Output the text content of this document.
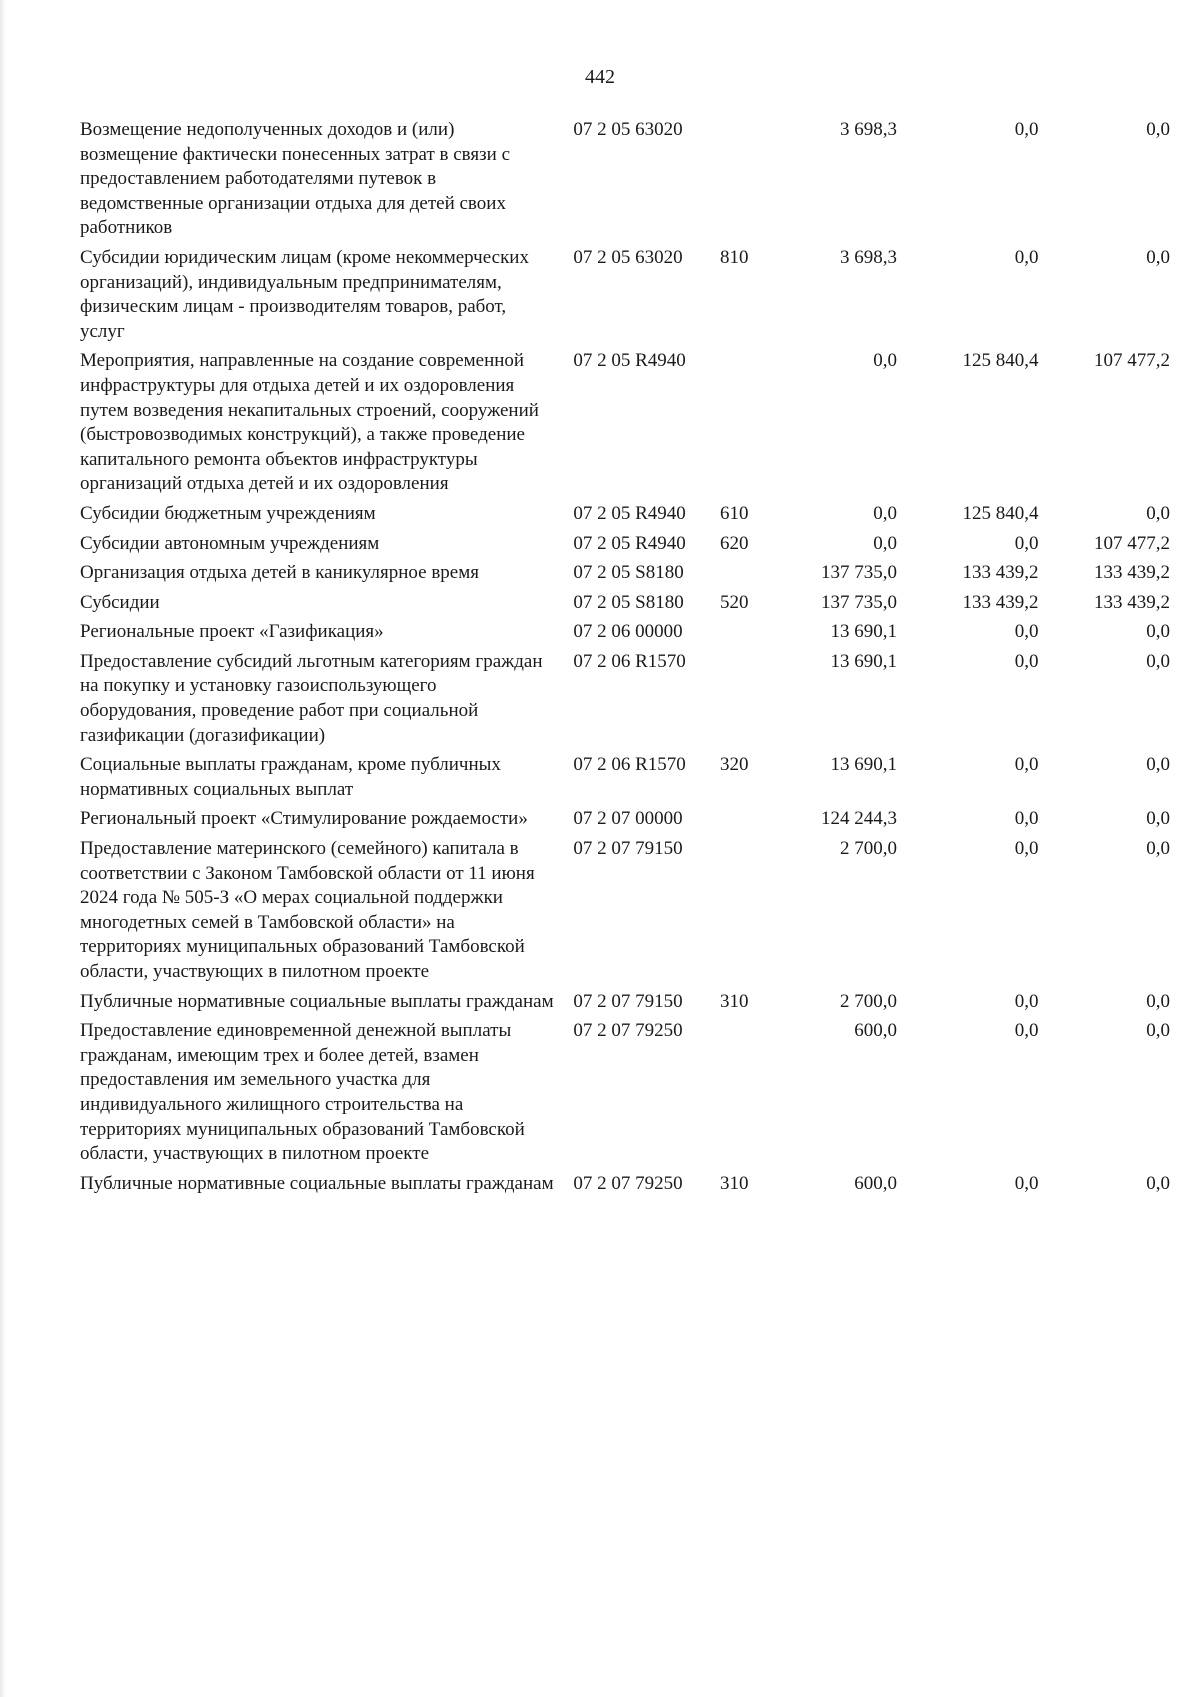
442
Возмещение недополученных доходов и (или) возмещение фактически понесенных затрат в связи с предоставлением работодателями путевок в ведомственные организации отдыха для детей своих работников	07 2 05 63020		3 698,3	0,0	0,0
Субсидии юридическим лицам (кроме некоммерческих организаций), индивидуальным предпринимателям, физическим лицам - производителям товаров, работ, услуг	07 2 05 63020	810	3 698,3	0,0	0,0
Мероприятия, направленные на создание современной инфраструктуры для отдыха детей и их оздоровления путем возведения некапитальных строений, сооружений (быстровозводимых конструкций), а также проведение капитального ремонта объектов инфраструктуры организаций отдыха детей и их оздоровления	07 2 05 R4940		0,0	125 840,4	107 477,2
Субсидии бюджетным учреждениям	07 2 05 R4940	610	0,0	125 840,4	0,0
Субсидии автономным учреждениям	07 2 05 R4940	620	0,0	0,0	107 477,2
Организация отдыха детей в каникулярное время	07 2 05 S8180		137 735,0	133 439,2	133 439,2
Субсидии	07 2 05 S8180	520	137 735,0	133 439,2	133 439,2
Региональные проект «Газификация»	07 2 06 00000		13 690,1	0,0	0,0
Предоставление субсидий льготным категориям граждан на покупку и установку газоиспользующего оборудования, проведение работ при социальной газификации (догазификации)	07 2 06 R1570		13 690,1	0,0	0,0
Социальные выплаты гражданам, кроме публичных нормативных социальных выплат	07 2 06 R1570	320	13 690,1	0,0	0,0
Региональный проект «Стимулирование рождаемости»	07 2 07 00000		124 244,3	0,0	0,0
Предоставление материнского (семейного) капитала в соответствии с Законом Тамбовской области от 11 июня 2024 года № 505-З «О мерах социальной поддержки многодетных семей в Тамбовской области» на территориях муниципальных образований Тамбовской области, участвующих в пилотном проекте	07 2 07 79150		2 700,0	0,0	0,0
Публичные нормативные социальные выплаты гражданам	07 2 07 79150	310	2 700,0	0,0	0,0
Предоставление единовременной денежной выплаты гражданам, имеющим трех и более детей, взамен предоставления им земельного участка для индивидуального жилищного строительства на территориях муниципальных образований Тамбовской области, участвующих в пилотном проекте	07 2 07 79250		600,0	0,0	0,0
Публичные нормативные социальные выплаты гражданам	07 2 07 79250	310	600,0	0,0	0,0
